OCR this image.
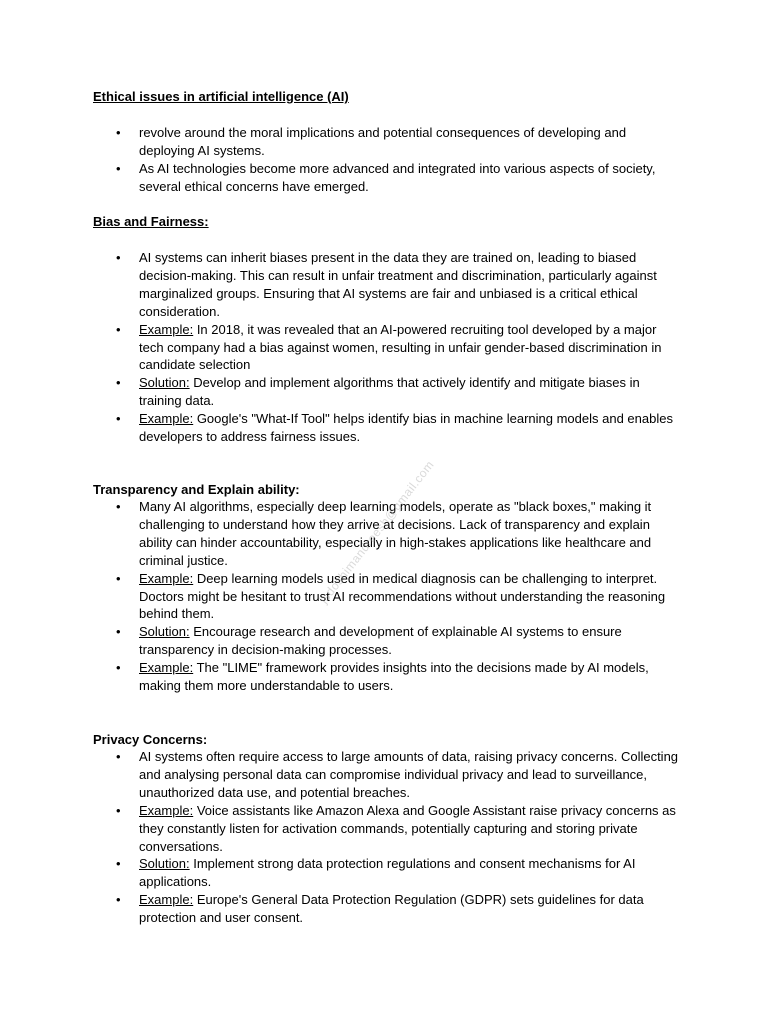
Ethical issues in artificial intelligence (AI)
• revolve around the moral implications and potential consequences of developing and deploying AI systems.
• As AI technologies become more advanced and integrated into various aspects of society, several ethical concerns have emerged.
Bias and Fairness:
• AI systems can inherit biases present in the data they are trained on, leading to biased decision-making. This can result in unfair treatment and discrimination, particularly against marginalized groups. Ensuring that AI systems are fair and unbiased is a critical ethical consideration.
• Example: In 2018, it was revealed that an AI-powered recruiting tool developed by a major tech company had a bias against women, resulting in unfair gender-based discrimination in candidate selection
• Solution: Develop and implement algorithms that actively identify and mitigate biases in training data.
• Example: Google's "What-If Tool" helps identify bias in machine learning models and enables developers to address fairness issues.
Transparency and Explain ability:
• Many AI algorithms, especially deep learning models, operate as "black boxes," making it challenging to understand how they arrive at decisions. Lack of transparency and explain ability can hinder accountability, especially in high-stakes applications like healthcare and criminal justice.
• Example: Deep learning models used in medical diagnosis can be challenging to interpret. Doctors might be hesitant to trust AI recommendations without understanding the reasoning behind them.
• Solution: Encourage research and development of explainable AI systems to ensure transparency in decision-making processes.
• Example: The "LIME" framework provides insights into the decisions made by AI models, making them more understandable to users.
Privacy Concerns:
• AI systems often require access to large amounts of data, raising privacy concerns. Collecting and analysing personal data can compromise individual privacy and lead to surveillance, unauthorized data use, and potential breaches.
• Example: Voice assistants like Amazon Alexa and Google Assistant raise privacy concerns as they constantly listen for activation commands, potentially capturing and storing private conversations.
• Solution: Implement strong data protection regulations and consent mechanisms for AI applications.
• Example: Europe's General Data Protection Regulation (GDPR) sets guidelines for data protection and user consent.
jsdoshimandreesh@gmail.com
